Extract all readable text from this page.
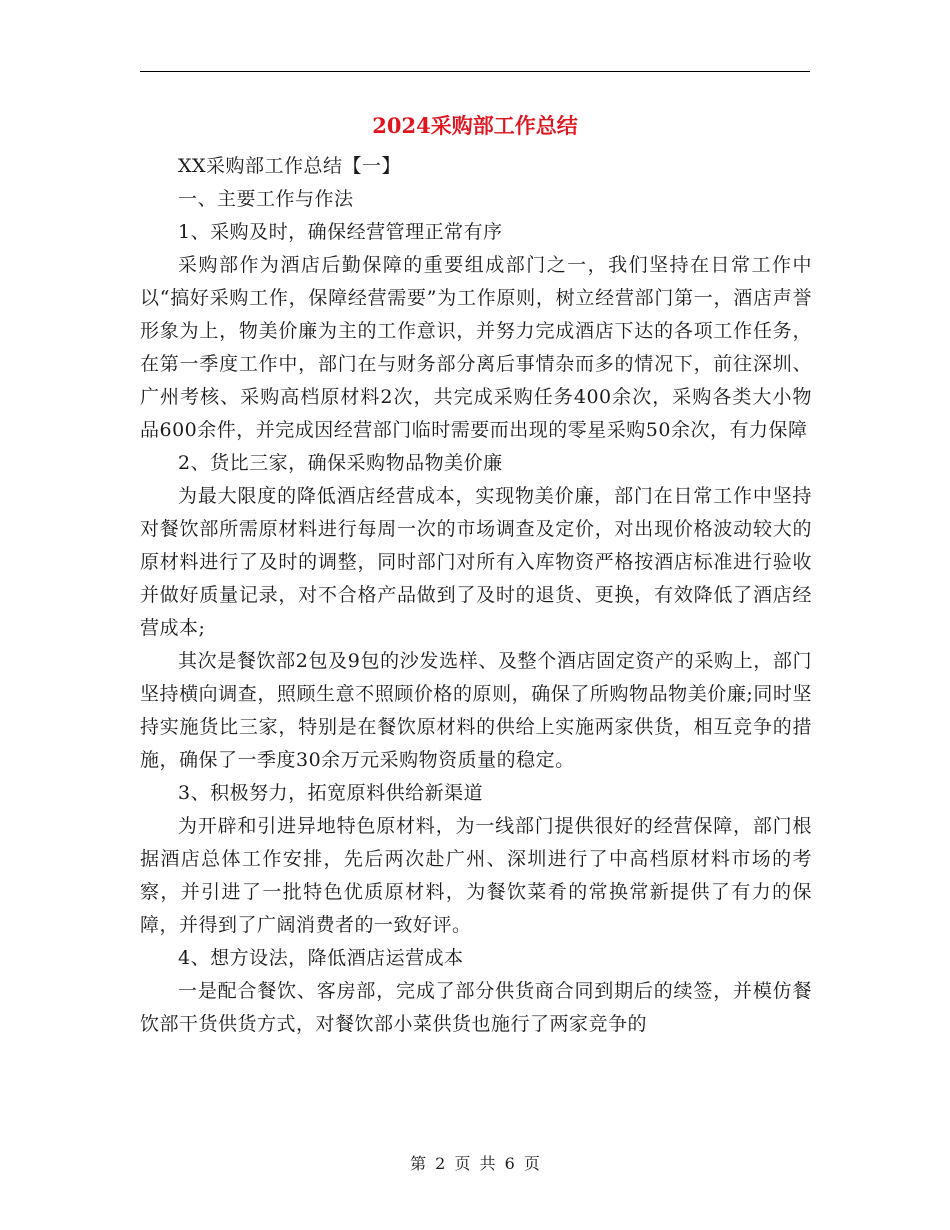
2024采购部工作总结

XX采购部工作总结【一】

一、主要工作与作法

1、采购及时，确保经营管理正常有序

采购部作为酒店后勤保障的重要组成部门之一，我们坚持在日常工作中以“搞好采购工作，保障经营需要”为工作原则，树立经营部门第一，酒店声誉形象为上，物美价廉为主的工作意识，并努力完成酒店下达的各项工作任务，在第一季度工作中，部门在与财务部分离后事情杂而多的情况下，前往深圳、广州考核、采购高档原材料2次，共完成采购任务400余次，采购各类大小物品600余件，并完成因经营部门临时需要而出现的零星采购50余次，有力保障

2、货比三家，确保采购物品物美价廉

为最大限度的降低酒店经营成本，实现物美价廉，部门在日常工作中坚持对餐饮部所需原材料进行每周一次的市场调查及定价，对出现价格波动较大的原材料进行了及时的调整，同时部门对所有入库物资严格按酒店标准进行验收并做好质量记录，对不合格产品做到了及时的退货、更换，有效降低了酒店经营成本;

其次是餐饮部2包及9包的沙发选样、及整个酒店固定资产的采购上，部门坚持横向调查，照顾生意不照顾价格的原则，确保了所购物品物美价廉;同时坚持实施货比三家，特别是在餐饮原材料的供给上实施两家供货，相互竞争的措施，确保了一季度30余万元采购物资质量的稳定。

3、积极努力，拓宽原料供给新渠道

为开辟和引进异地特色原材料，为一线部门提供很好的经营保障，部门根据酒店总体工作安排，先后两次赴广州、深圳进行了中高档原材料市场的考察，并引进了一批特色优质原材料，为餐饮菜肴的常换常新提供了有力的保障，并得到了广阔消费者的一致好评。

4、想方设法，降低酒店运营成本

一是配合餐饮、客房部，完成了部分供货商合同到期后的续签，并模仿餐饮部干货供货方式，对餐饮部小菜供货也施行了两家竞争的

第 2 页 共 6 页
